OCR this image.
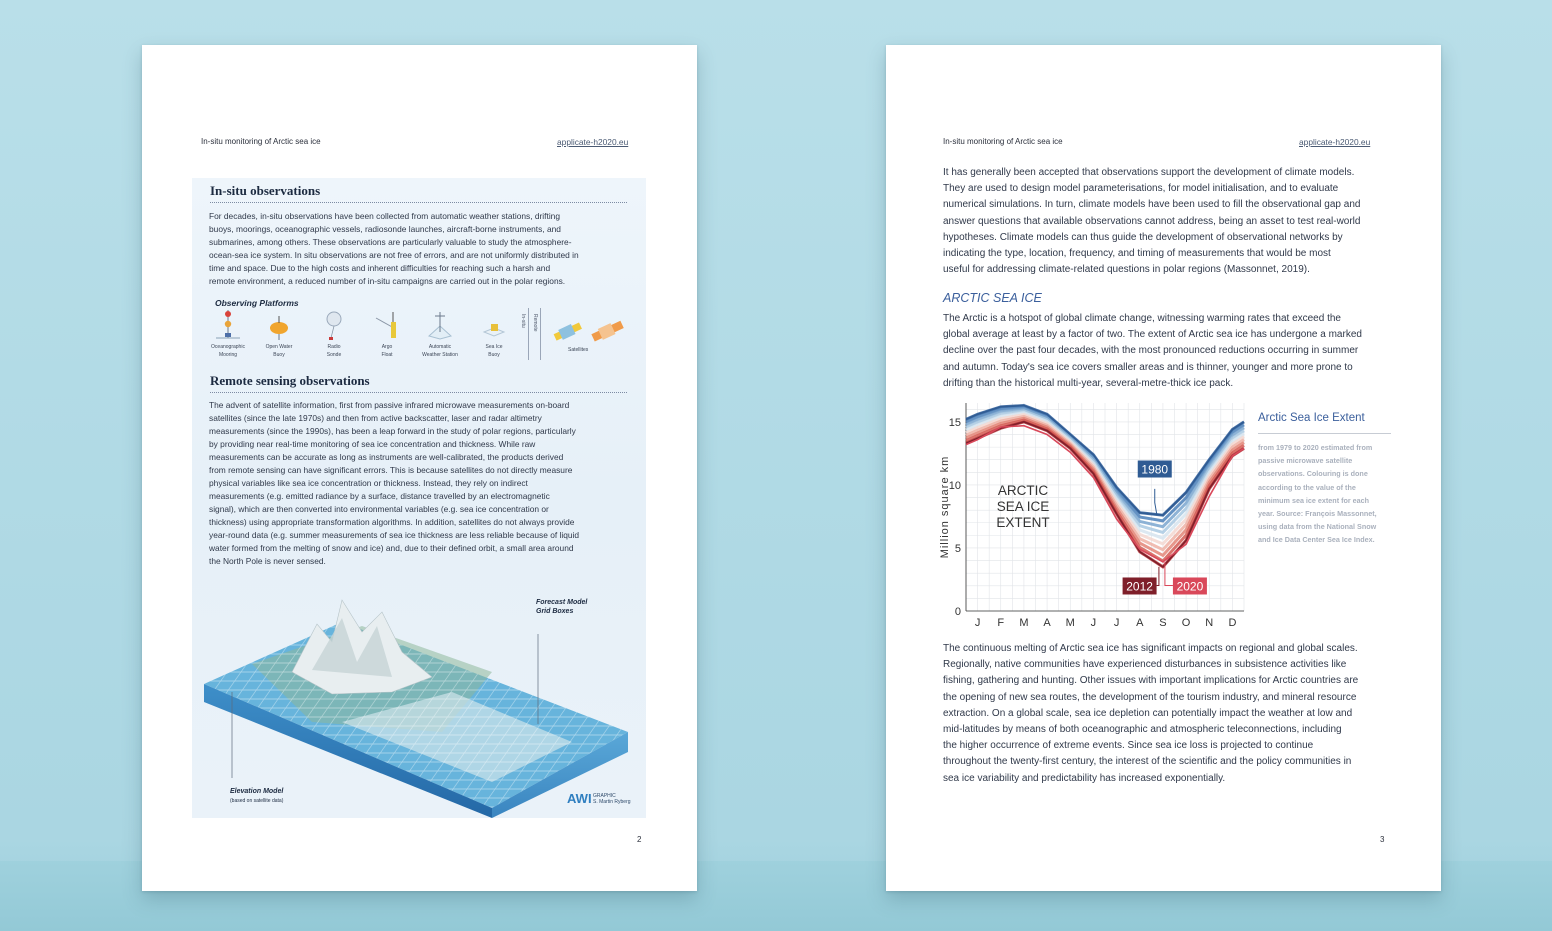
In-situ monitoring of Arctic sea ice	applicate-h2020.eu
In-situ observations
For decades, in-situ observations have been collected from automatic weather stations, drifting
buoys, moorings, oceanographic vessels, radiosonde launches, aircraft-borne instruments, and
submarines, among others. These observations are particularly valuable to study the atmosphere-
ocean-sea ice system. In situ observations are not free of errors, and are not uniformly distributed in
time and space. Due to the high costs and inherent difficulties for reaching such a harsh and
remote environment, a reduced number of in-situ campaigns are carried out in the polar regions.
Observing Platforms
Oceanographic
Mooring
Open Water
Buoy
Radio
Sonde
Argo
Float
Automatic
Weather Station
Sea Ice
Buoy
In-situ Remote
Satellites
Remote sensing observations
The advent of satellite information, first from passive infrared microwave measurements on-board
satellites (since the late 1970s) and then from active backscatter, laser and radar altimetry
measurements (since the 1990s), has been a leap forward in the study of polar regions, particularly
by providing near real-time monitoring of sea ice concentration and thickness. While raw
measurements can be accurate as long as instruments are well-calibrated, the products derived
from remote sensing can have significant errors. This is because satellites do not directly measure
physical variables like sea ice concentration or thickness. Instead, they rely on indirect
measurements (e.g. emitted radiance by a surface, distance travelled by an electromagnetic
signal), which are then converted into environmental variables (e.g. sea ice concentration or
thickness) using appropriate transformation algorithms. In addition, satellites do not always provide
year-round data (e.g. summer measurements of sea ice thickness are less reliable because of liquid
water formed from the melting of snow and ice) and, due to their defined orbit, a small area around
the North Pole is never sensed.
Forecast Model
Grid Boxes
Elevation Model
(based on satellite data)	AWI GRAPHIC
S. Martin Ryberg
2
In-situ monitoring of Arctic sea ice	applicate-h2020.eu
It has generally been accepted that observations support the development of climate models.
They are used to design model parameterisations, for model initialisation, and to evaluate
numerical simulations. In turn, climate models have been used to fill the observational gap and
answer questions that available observations cannot address, being an asset to test real-world
hypotheses. Climate models can thus guide the development of observational networks by
indicating the type, location, frequency, and timing of measurements that would be most
useful for addressing climate-related questions in polar regions (Massonnet, 2019).
ARCTIC SEA ICE
The Arctic is a hotspot of global climate change, witnessing warming rates that exceed the
global average at least by a factor of two. The extent of Arctic sea ice has undergone a marked
decline over the past four decades, with the most pronounced reductions occurring in summer
and autumn. Today's sea ice covers smaller areas and is thinner, younger and more prone to
drifting than the historical multi-year, several-metre-thick ice pack.
0
5
10
15
J F M A M J J A S O N D
Million square km	ARCTIC
SEA ICE
EXTENT
1980
2012 2020
Arctic Sea Ice Extent
from 1979 to 2020 estimated from
passive microwave satellite
observations. Colouring is done
according to the value of the
minimum sea ice extent for each
year. Source: François Massonnet,
using data from the National Snow
and Ice Data Center Sea Ice Index.
The continuous melting of Arctic sea ice has significant impacts on regional and global scales.
Regionally, native communities have experienced disturbances in subsistence activities like
fishing, gathering and hunting. Other issues with important implications for Arctic countries are
the opening of new sea routes, the development of the tourism industry, and mineral resource
extraction. On a global scale, sea ice depletion can potentially impact the weather at low and
mid-latitudes by means of both oceanographic and atmospheric teleconnections, including
the higher occurrence of extreme events. Since sea ice loss is projected to continue
throughout the twenty-first century, the interest of the scientific and the policy communities in
sea ice variability and predictability has increased exponentially.
3
